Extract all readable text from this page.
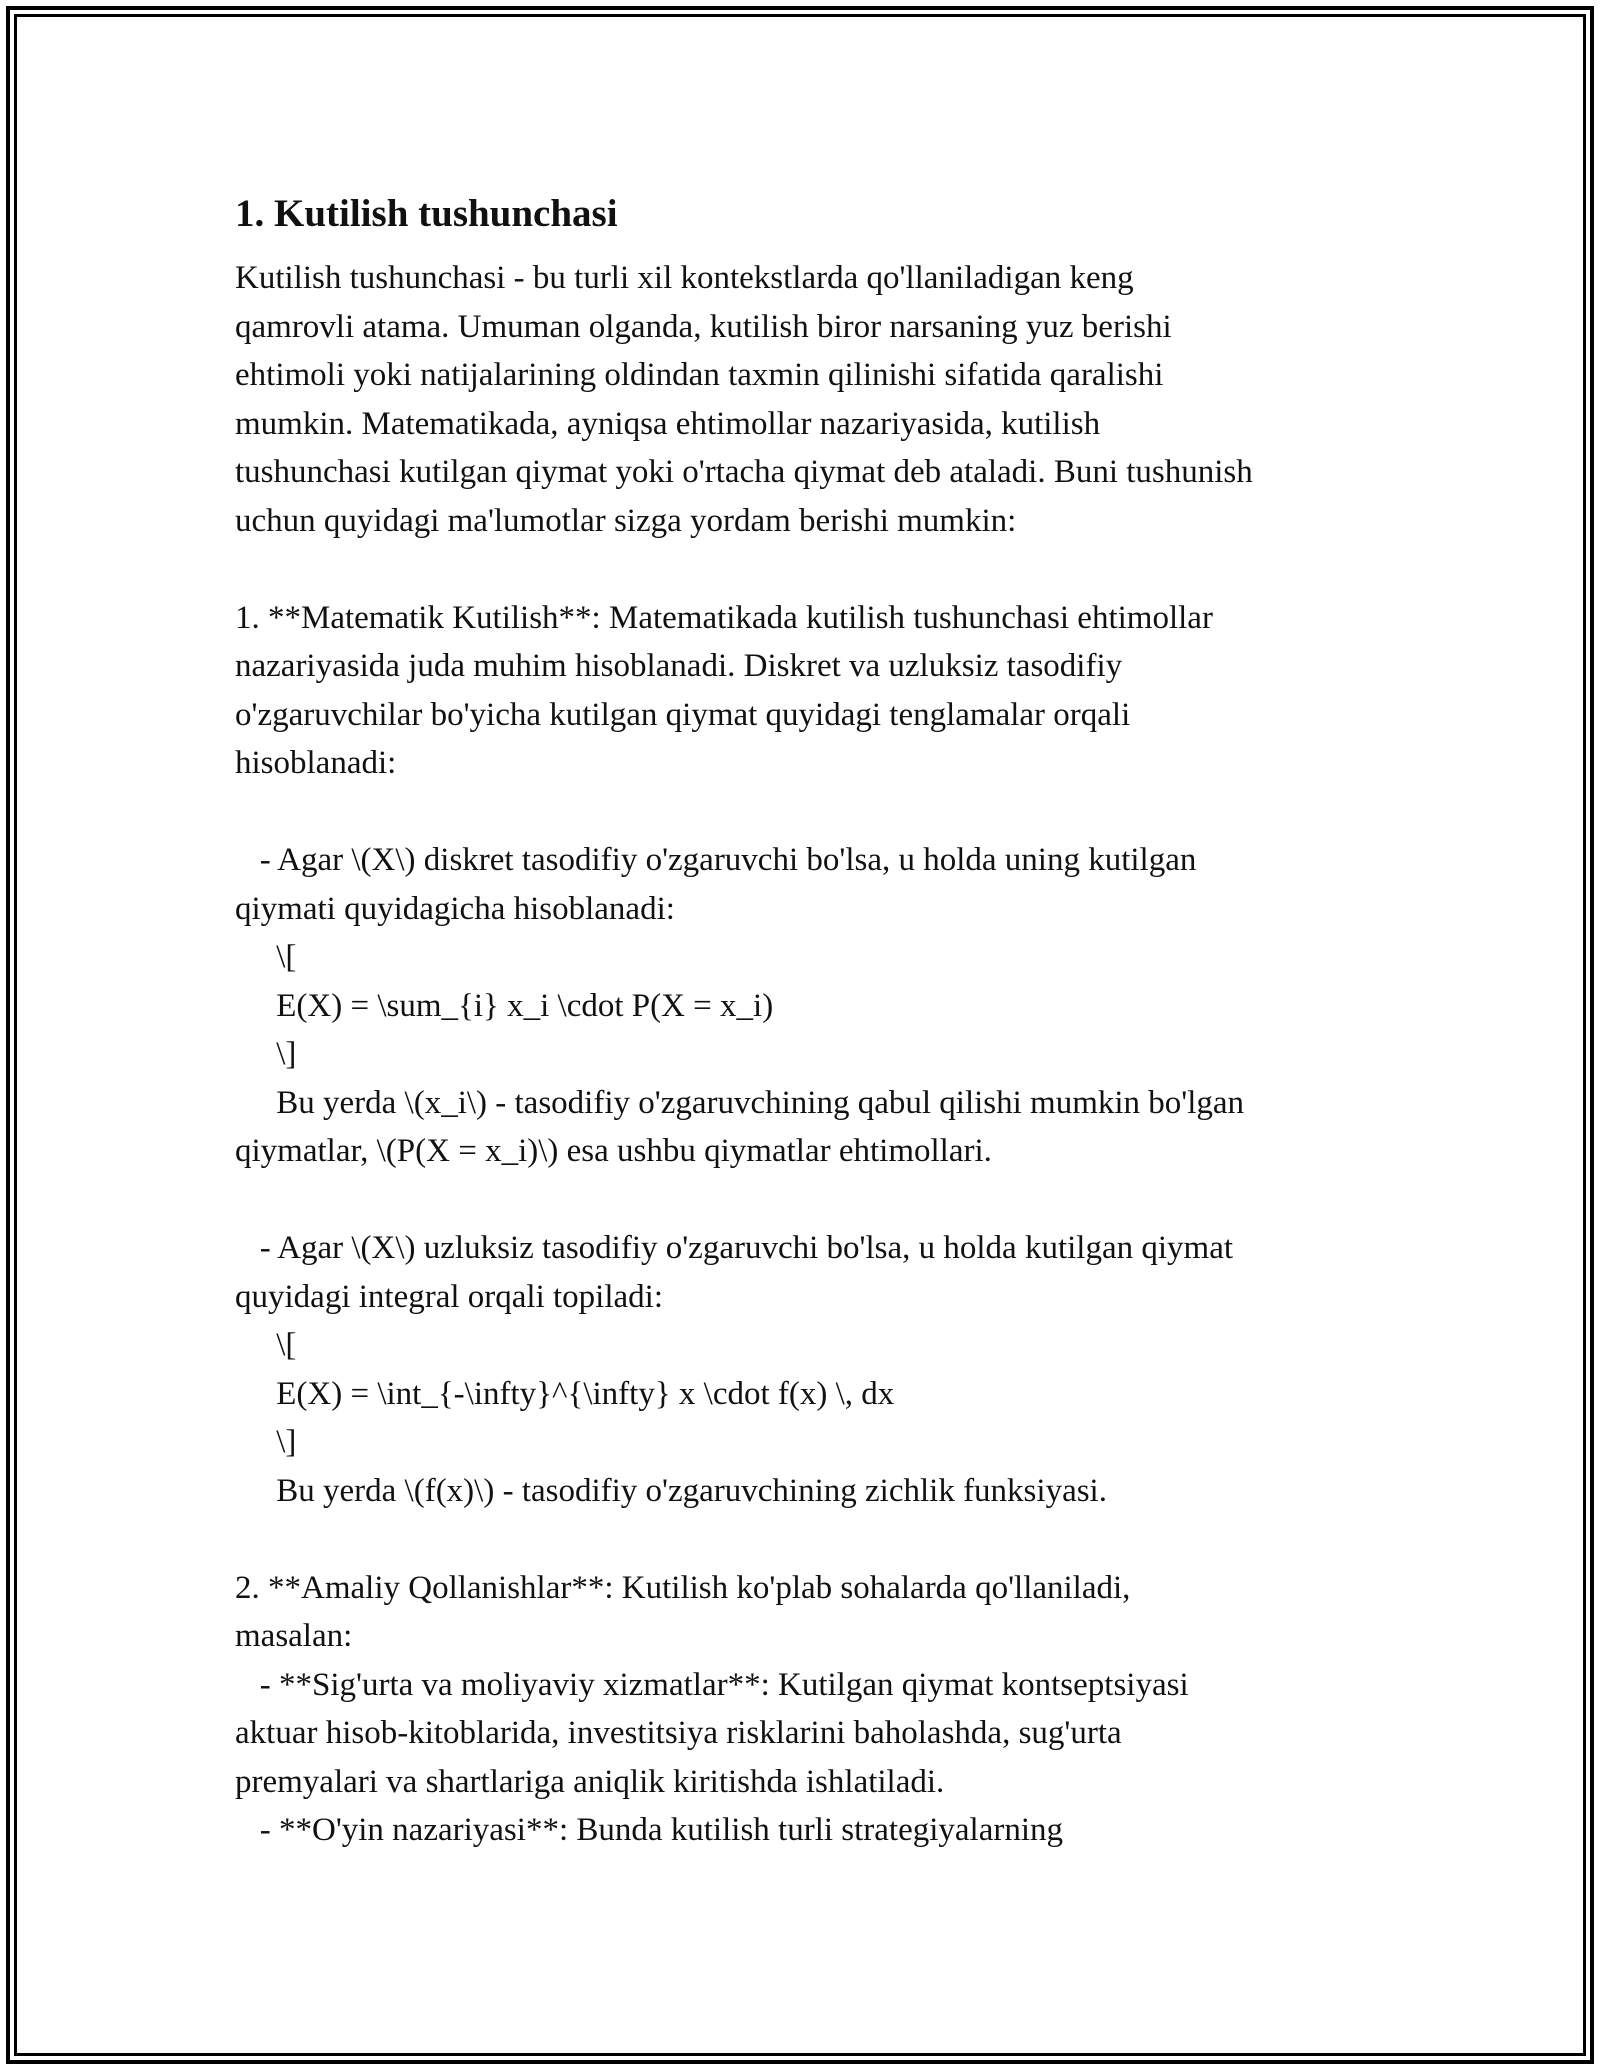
1. Kutilish tushunchasi

Kutilish tushunchasi - bu turli xil kontekstlarda qo'llaniladigan keng
qamrovli atama. Umuman olganda, kutilish biror narsaning yuz berishi
ehtimoli yoki natijalarining oldindan taxmin qilinishi sifatida qaralishi
mumkin. Matematikada, ayniqsa ehtimollar nazariyasida, kutilish
tushunchasi kutilgan qiymat yoki o'rtacha qiymat deb ataladi. Buni tushunish
uchun quyidagi ma'lumotlar sizga yordam berishi mumkin:

1. **Matematik Kutilish**: Matematikada kutilish tushunchasi ehtimollar
nazariyasida juda muhim hisoblanadi. Diskret va uzluksiz tasodifiy
o'zgaruvchilar bo'yicha kutilgan qiymat quyidagi tenglamalar orqali
hisoblanadi:

- Agar \(X\) diskret tasodifiy o'zgaruvchi bo'lsa, u holda uning kutilgan
qiymati quyidagicha hisoblanadi:
\[
E(X) = \sum_{i} x_i \cdot P(X = x_i)
\]
Bu yerda \(x_i\) - tasodifiy o'zgaruvchining qabul qilishi mumkin bo'lgan
qiymatlar, \(P(X = x_i)\) esa ushbu qiymatlar ehtimollari.

- Agar \(X\) uzluksiz tasodifiy o'zgaruvchi bo'lsa, u holda kutilgan qiymat
quyidagi integral orqali topiladi:
\[
E(X) = \int_{-\infty}^{\infty} x \cdot f(x) \, dx
\]
Bu yerda \(f(x)\) - tasodifiy o'zgaruvchining zichlik funksiyasi.

2. **Amaliy Qollanishlar**: Kutilish ko'plab sohalarda qo'llaniladi,
masalan:
- **Sig'urta va moliyaviy xizmatlar**: Kutilgan qiymat kontseptsiyasi
aktuar hisob-kitoblarida, investitsiya risklarini baholashda, sug'urta
premyalari va shartlariga aniqlik kiritishda ishlatiladi.
- **O'yin nazariyasi**: Bunda kutilish turli strategiyalarning
